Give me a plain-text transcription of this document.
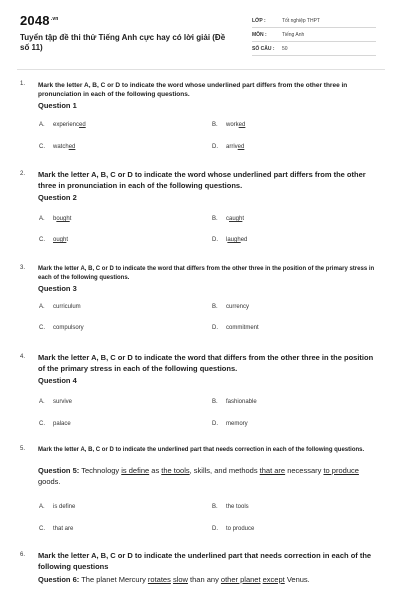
$2048^{.vn}$
Tuyển tập đề thi thử Tiếng Anh cực hay có lời giải (Đề số 11)
LỚP :	Tốt nghiệp THPT
MÔN :	Tiếng Anh
SỐ CÂU : 50
1. Mark the letter A, B, C or D to indicate the word whose underlined part differs from the other three in pronunciation in each of the following questions.
Question 1
A. experienced	B. worked
C. watched	D. arrived
2. Mark the letter A, B, C or D to indicate the word whose underlined part differs from the other three in pronunciation in each of the following questions.
Question 2
A. bought	B. caught
C. ought	D. laughed
3. Mark the letter A, B, C or D to indicate the word that differs from the other three in the position of the primary stress in each of the following questions.
Question 3
A. curriculum	B. currency
C. compulsory	D. commitment
4. Mark the letter A, B, C or D to indicate the word that differs from the other three in the position of the primary stress in each of the following questions.
Question 4
A. survive	B. fashionable
C. palace	D. memory
5. Mark the letter A, B, C or D to indicate the underlined part that needs correction in each of the following questions.
Question 5: Technology is define as the tools, skills, and methods that are necessary to produce goods.
A. is define	B. the tools
C. that are	D. to produce
6. Mark the letter A, B, C or D to indicate the underlined part that needs correction in each of the following questions
Question 6: The planet Mercury rotates slow than any other planet except Venus.
